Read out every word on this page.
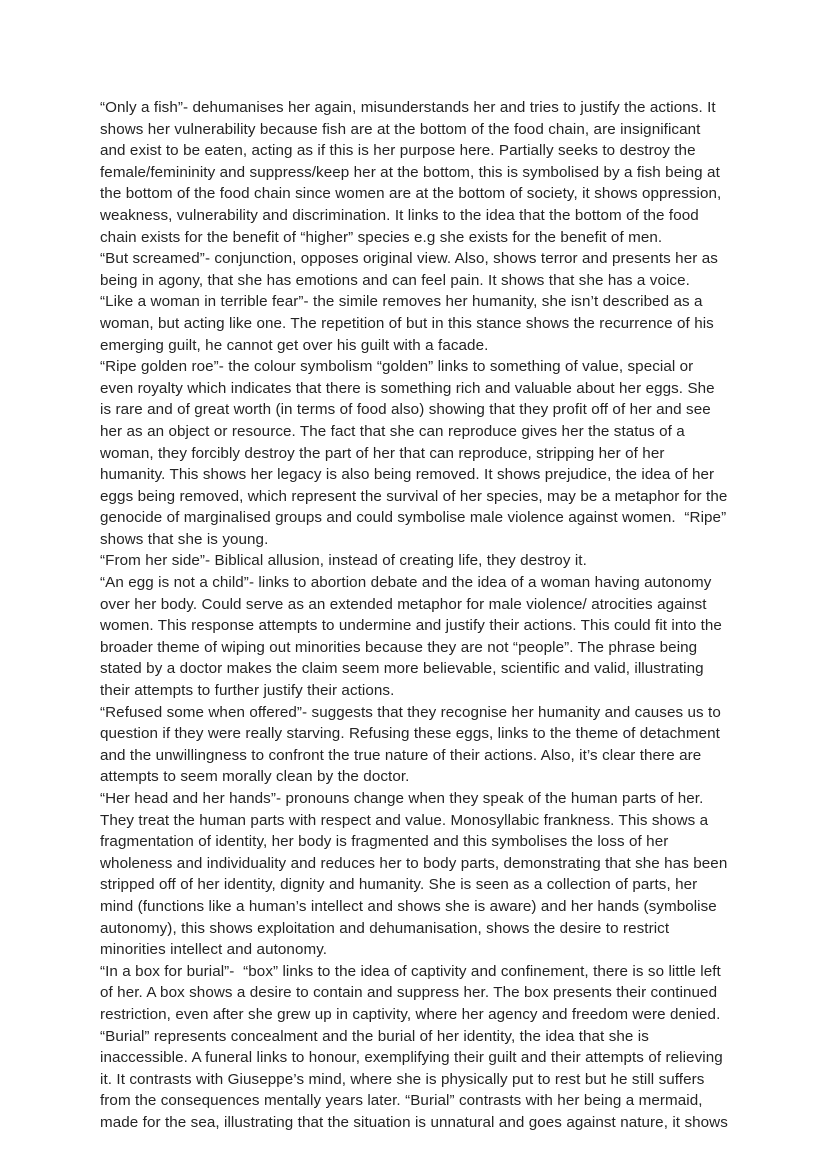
“Only a fish”- dehumanises her again, misunderstands her and tries to justify the actions. It shows her vulnerability because fish are at the bottom of the food chain, are insignificant and exist to be eaten, acting as if this is her purpose here. Partially seeks to destroy the female/femininity and suppress/keep her at the bottom, this is symbolised by a fish being at the bottom of the food chain since women are at the bottom of society, it shows oppression, weakness, vulnerability and discrimination. It links to the idea that the bottom of the food chain exists for the benefit of “higher” species e.g she exists for the benefit of men.

“But screamed”- conjunction, opposes original view. Also, shows terror and presents her as being in agony, that she has emotions and can feel pain. It shows that she has a voice.

“Like a woman in terrible fear”- the simile removes her humanity, she isn’t described as a woman, but acting like one. The repetition of but in this stance shows the recurrence of his emerging guilt, he cannot get over his guilt with a facade.

“Ripe golden roe”- the colour symbolism “golden” links to something of value, special or even royalty which indicates that there is something rich and valuable about her eggs. She is rare and of great worth (in terms of food also) showing that they profit off of her and see her as an object or resource. The fact that she can reproduce gives her the status of a woman, they forcibly destroy the part of her that can reproduce, stripping her of her humanity. This shows her legacy is also being removed. It shows prejudice, the idea of her eggs being removed, which represent the survival of her species, may be a metaphor for the genocide of marginalised groups and could symbolise male violence against women.  “Ripe” shows that she is young.

“From her side”- Biblical allusion, instead of creating life, they destroy it.

“An egg is not a child”- links to abortion debate and the idea of a woman having autonomy over her body. Could serve as an extended metaphor for male violence/ atrocities against women. This response attempts to undermine and justify their actions. This could fit into the broader theme of wiping out minorities because they are not “people”. The phrase being stated by a doctor makes the claim seem more believable, scientific and valid, illustrating their attempts to further justify their actions.

“Refused some when offered”- suggests that they recognise her humanity and causes us to question if they were really starving. Refusing these eggs, links to the theme of detachment and the unwillingness to confront the true nature of their actions. Also, it’s clear there are attempts to seem morally clean by the doctor.

“Her head and her hands”- pronouns change when they speak of the human parts of her. They treat the human parts with respect and value. Monosyllabic frankness. This shows a fragmentation of identity, her body is fragmented and this symbolises the loss of her wholeness and individuality and reduces her to body parts, demonstrating that she has been stripped off of her identity, dignity and humanity. She is seen as a collection of parts, her mind (functions like a human’s intellect and shows she is aware) and her hands (symbolise autonomy), this shows exploitation and dehumanisation, shows the desire to restrict minorities intellect and autonomy.

“In a box for burial”-  “box” links to the idea of captivity and confinement, there is so little left of her. A box shows a desire to contain and suppress her. The box presents their continued restriction, even after she grew up in captivity, where her agency and freedom were denied.

“Burial” represents concealment and the burial of her identity, the idea that she is inaccessible. A funeral links to honour, exemplifying their guilt and their attempts of relieving it. It contrasts with Giuseppe’s mind, where she is physically put to rest but he still suffers from the consequences mentally years later. “Burial” contrasts with her being a mermaid, made for the sea, illustrating that the situation is unnatural and goes against nature, it shows
